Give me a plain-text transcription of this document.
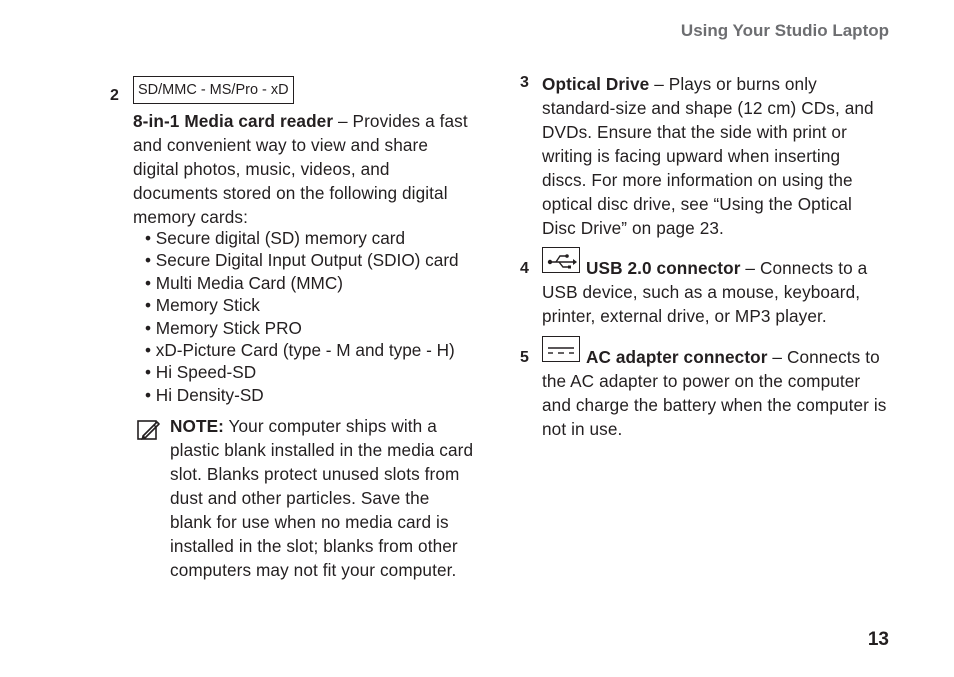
Using Your Studio Laptop
2	SD/MMC - MS/Pro - xD
8-in-1 Media card reader – Provides a fast and convenient way to view and share digital photos, music, videos, and documents stored on the following digital memory cards:
• Secure digital (SD) memory card
• Secure Digital Input Output (SDIO) card
• Multi Media Card (MMC)
• Memory Stick
• Memory Stick PRO
• xD-Picture Card (type - M and type - H)
• Hi Speed-SD
• Hi Density-SD
NOTE: Your computer ships with a plastic blank installed in the media card slot. Blanks protect unused slots from dust and other particles. Save the blank for use when no media card is installed in the slot; blanks from other computers may not fit your computer.
3 Optical Drive – Plays or burns only standard-size and shape (12 cm) CDs, and DVDs. Ensure that the side with print or writing is facing upward when inserting discs. For more information on using the optical disc drive, see “Using the Optical Disc Drive” on page 23.
4	USB 2.0 connector – Connects to a USB device, such as a mouse, keyboard, printer, external drive, or MP3 player.
5	AC adapter connector – Connects to the AC adapter to power on the computer and charge the battery when the computer is not in use.
13
